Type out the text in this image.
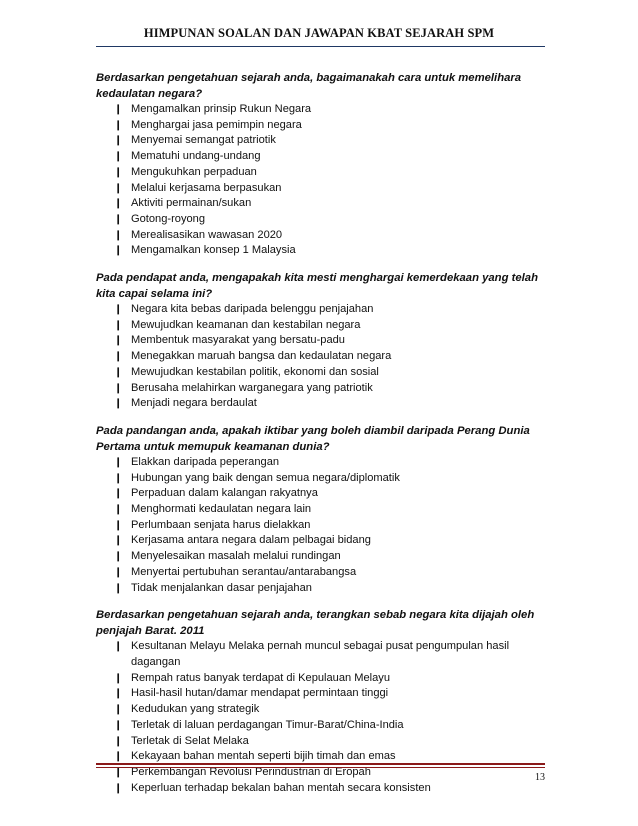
HIMPUNAN SOALAN DAN JAWAPAN KBAT SEJARAH SPM

Berdasarkan pengetahuan sejarah anda, bagaimanakah cara untuk memelihara kedaulatan negara?

❙ Mengamalkan prinsip Rukun Negara
❙ Menghargai jasa pemimpin negara
❙ Menyemai semangat patriotik
❙ Mematuhi undang-undang
❙ Mengukuhkan perpaduan
❙ Melalui kerjasama berpasukan
❙ Aktiviti permainan/sukan
❙ Gotong-royong
❙ Merealisasikan wawasan 2020
❙ Mengamalkan konsep 1 Malaysia

Pada pendapat anda, mengapakah kita mesti menghargai kemerdekaan yang telah kita capai selama ini?

❙ Negara kita bebas daripada belenggu penjajahan
❙ Mewujudkan keamanan dan kestabilan negara
❙ Membentuk masyarakat yang bersatu-padu
❙ Menegakkan maruah bangsa dan kedaulatan negara
❙ Mewujudkan kestabilan politik, ekonomi dan sosial
❙ Berusaha melahirkan warganegara yang patriotik
❙ Menjadi negara berdaulat

Pada pandangan anda, apakah iktibar yang boleh diambil daripada Perang Dunia Pertama untuk memupuk keamanan dunia?

❙ Elakkan daripada peperangan
❙ Hubungan yang baik dengan semua negara/diplomatik
❙ Perpaduan dalam kalangan rakyatnya
❙ Menghormati kedaulatan negara lain
❙ Perlumbaan senjata harus dielakkan
❙ Kerjasama antara negara dalam pelbagai bidang
❙ Menyelesaikan masalah melalui rundingan
❙ Menyertai pertubuhan serantau/antarabangsa
❙ Tidak menjalankan dasar penjajahan

Berdasarkan pengetahuan sejarah anda, terangkan sebab negara kita dijajah oleh penjajah Barat. 2011

❙ Kesultanan Melayu Melaka pernah muncul sebagai pusat pengumpulan hasil dagangan
❙ Rempah ratus banyak terdapat di Kepulauan Melayu
❙ Hasil-hasil hutan/damar mendapat permintaan tinggi
❙ Kedudukan yang strategik
❙ Terletak di laluan perdagangan Timur-Barat/China-India
❙ Terletak di Selat Melaka
❙ Kekayaan bahan mentah seperti bijih timah dan emas
❙ Perkembangan Revolusi Perindustrian di Eropah
❙ Keperluan terhadap bekalan bahan mentah secara konsisten
13
